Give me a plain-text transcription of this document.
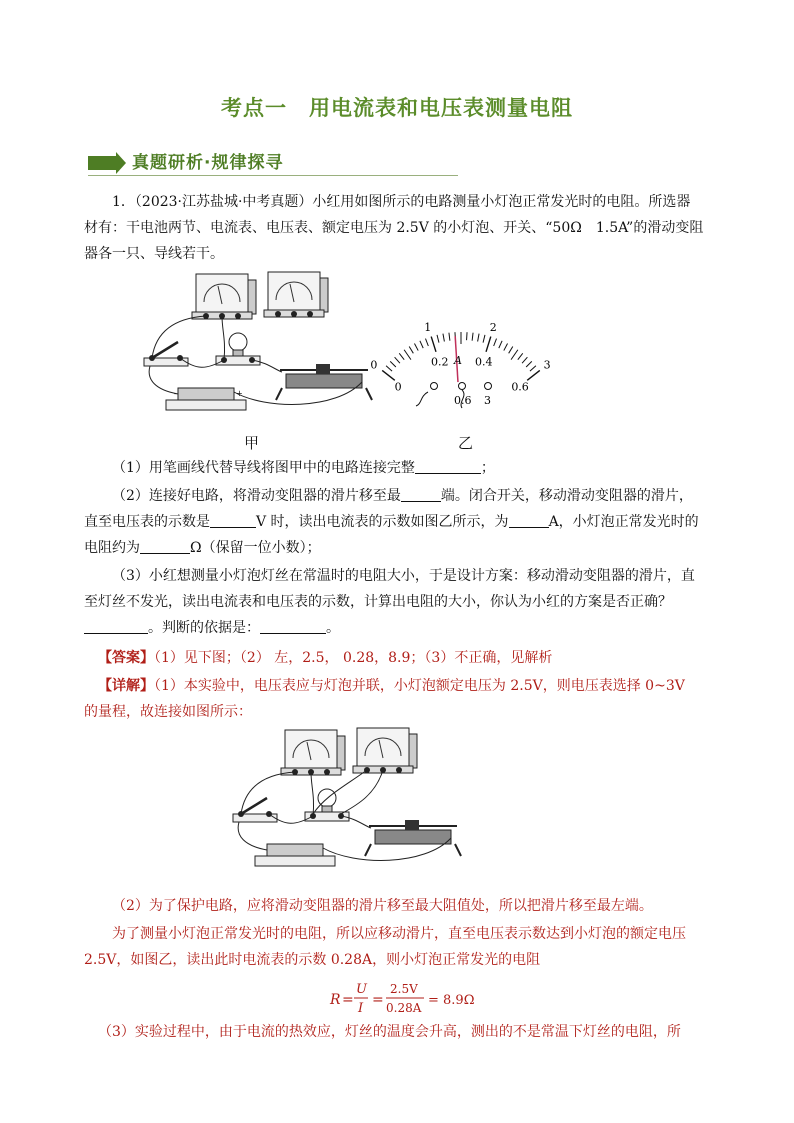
考点一　用电流表和电压表测量电阻
真题研析·规律探寻
1．（2023·江苏盐城·中考真题）小红用如图所示的电路测量小灯泡正常发光时的电阻。所选器
材有：干电池两节、电流表、电压表、额定电压为 2.5V 的小灯泡、开关、“50Ω　1.5A”的滑动变阻
器各一只、导线若干。
-	+
0
1	2
3
0
0.2 0.4
0.6
A
0.6 3
甲	乙
（1）用笔画线代替导线将图甲中的电路连接完整	；
（2）连接好电路，将滑动变阻器的滑片移至最	端。闭合开关，移动滑动变阻器的滑片，
直至电压表的示数是	V 时，读出电流表的示数如图乙所示，为	A，小灯泡正常发光时的
电阻约为	Ω（保留一位小数）；
（3）小红想测量小灯泡灯丝在常温时的电阻大小，于是设计方案：移动滑动变阻器的滑片，直
至灯丝不发光，读出电流表和电压表的示数，计算出电阻的大小，你认为小红的方案是否正确？
。判断的依据是：	。
【答案】（1）见下图；（2） 左，2.5， 0.28，8.9；（3）不正确，见解析
【详解】（1）本实验中，电压表应与灯泡并联，小灯泡额定电压为 2.5V，则电压表选择 0~3V
的量程，故连接如图所示：
（2）为了保护电路，应将滑动变阻器的滑片移至最大阻值处，所以把滑片移至最左端。
为了测量小灯泡正常发光时的电阻，所以应移动滑片，直至电压表示数达到小灯泡的额定电压
2.5V，如图乙，读出此时电流表的示数 0.28A，则小灯泡正常发光的电阻
R =
U
I
=
2.5V
0.28A = 8.9Ω
（3）实验过程中，由于电流的热效应，灯丝的温度会升高，测出的不是常温下灯丝的电阻，所
